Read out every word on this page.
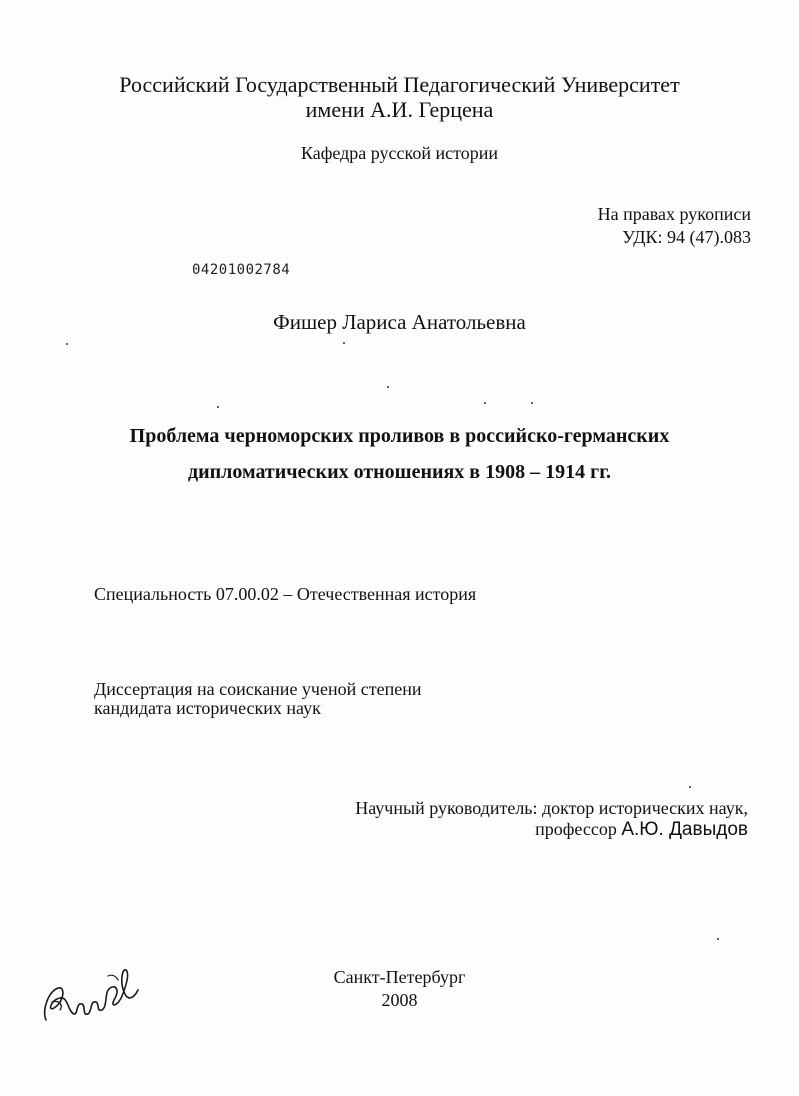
Российский Государственный Педагогический Университет
имени А.И. Герцена
Кафедра русской истории
На правах рукописи
УДК: 94 (47).083
04201002784
Фишер Лариса Анатольевна
Проблема черноморских проливов в российско-германских
дипломатических отношениях в 1908 – 1914 гг.
Специальность 07.00.02 – Отечественная история
Диссертация на соискание ученой степени
кандидата исторических наук
Научный руководитель: доктор исторических наук,
профессор А.Ю. Давыдов
Санкт-Петербург
2008
